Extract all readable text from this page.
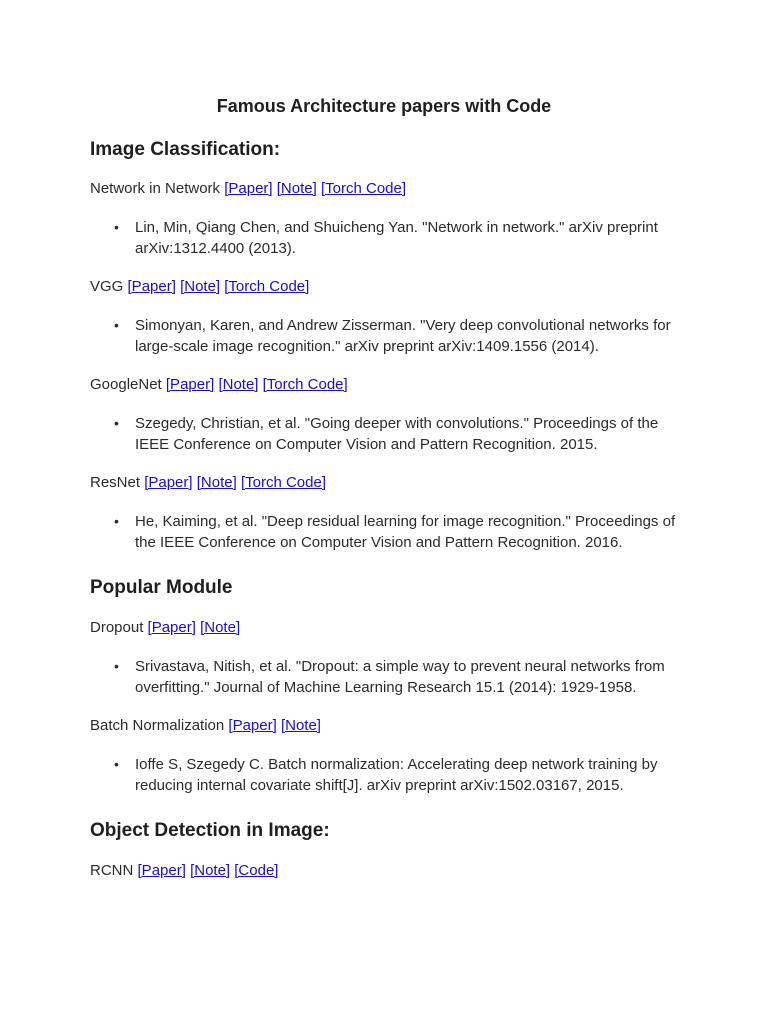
Famous Architecture papers with Code
Image Classification:
Network in Network [Paper] [Note] [Torch Code]

• Lin, Min, Qiang Chen, and Shuicheng Yan. "Network in network." arXiv preprint arXiv:1312.4400 (2013).

VGG [Paper] [Note] [Torch Code]

• Simonyan, Karen, and Andrew Zisserman. "Very deep convolutional networks for large-scale image recognition." arXiv preprint arXiv:1409.1556 (2014).

GoogleNet [Paper] [Note] [Torch Code]

• Szegedy, Christian, et al. "Going deeper with convolutions." Proceedings of the IEEE Conference on Computer Vision and Pattern Recognition. 2015.

ResNet [Paper] [Note] [Torch Code]

• He, Kaiming, et al. "Deep residual learning for image recognition." Proceedings of the IEEE Conference on Computer Vision and Pattern Recognition. 2016.

Popular Module
Dropout [Paper] [Note]

• Srivastava, Nitish, et al. "Dropout: a simple way to prevent neural networks from overfitting." Journal of Machine Learning Research 15.1 (2014): 1929-1958.

Batch Normalization [Paper] [Note]

• Ioffe S, Szegedy C. Batch normalization: Accelerating deep network training by reducing internal covariate shift[J]. arXiv preprint arXiv:1502.03167, 2015.

Object Detection in Image:
RCNN [Paper] [Note] [Code]
